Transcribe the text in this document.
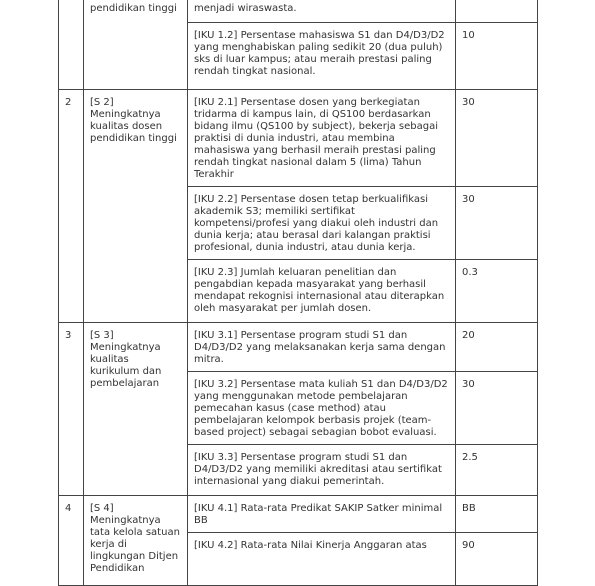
	pendidikan tinggi	menjadi wiraswasta.	
		[IKU 1.2] Persentase mahasiswa S1 dan D4/D3/D2 yang menghabiskan paling sedikit 20 (dua puluh) sks di luar kampus; atau meraih prestasi paling rendah tingkat nasional.	10
2	[S 2] Meningkatnya kualitas dosen pendidikan tinggi	[IKU 2.1] Persentase dosen yang berkegiatan tridarma di kampus lain, di QS100 berdasarkan bidang ilmu (QS100 by subject), bekerja sebagai praktisi di dunia industri, atau membina mahasiswa yang berhasil meraih prestasi paling rendah tingkat nasional dalam 5 (lima) Tahun Terakhir	30
		[IKU 2.2] Persentase dosen tetap berkualifikasi akademik S3; memiliki sertifikat kompetensi/profesi yang diakui oleh industri dan dunia kerja; atau berasal dari kalangan praktisi profesional, dunia industri, atau dunia kerja.	30
		[IKU 2.3] Jumlah keluaran penelitian dan pengabdian kepada masyarakat yang berhasil mendapat rekognisi internasional atau diterapkan oleh masyarakat per jumlah dosen.	0.3
3	[S 3] Meningkatnya kualitas kurikulum dan pembelajaran	[IKU 3.1] Persentase program studi S1 dan D4/D3/D2 yang melaksanakan kerja sama dengan mitra.	20
		[IKU 3.2] Persentase mata kuliah S1 dan D4/D3/D2 yang menggunakan metode pembelajaran pemecahan kasus (case method) atau pembelajaran kelompok berbasis projek (team-based project) sebagai sebagian bobot evaluasi.	30
		[IKU 3.3] Persentase program studi S1 dan D4/D3/D2 yang memiliki akreditasi atau sertifikat internasional yang diakui pemerintah.	2.5
4	[S 4] Meningkatnya tata kelola satuan kerja di lingkungan Ditjen Pendidikan	[IKU 4.1] Rata-rata Predikat SAKIP Satker minimal BB	BB
		[IKU 4.2] Rata-rata Nilai Kinerja Anggaran atas	90
